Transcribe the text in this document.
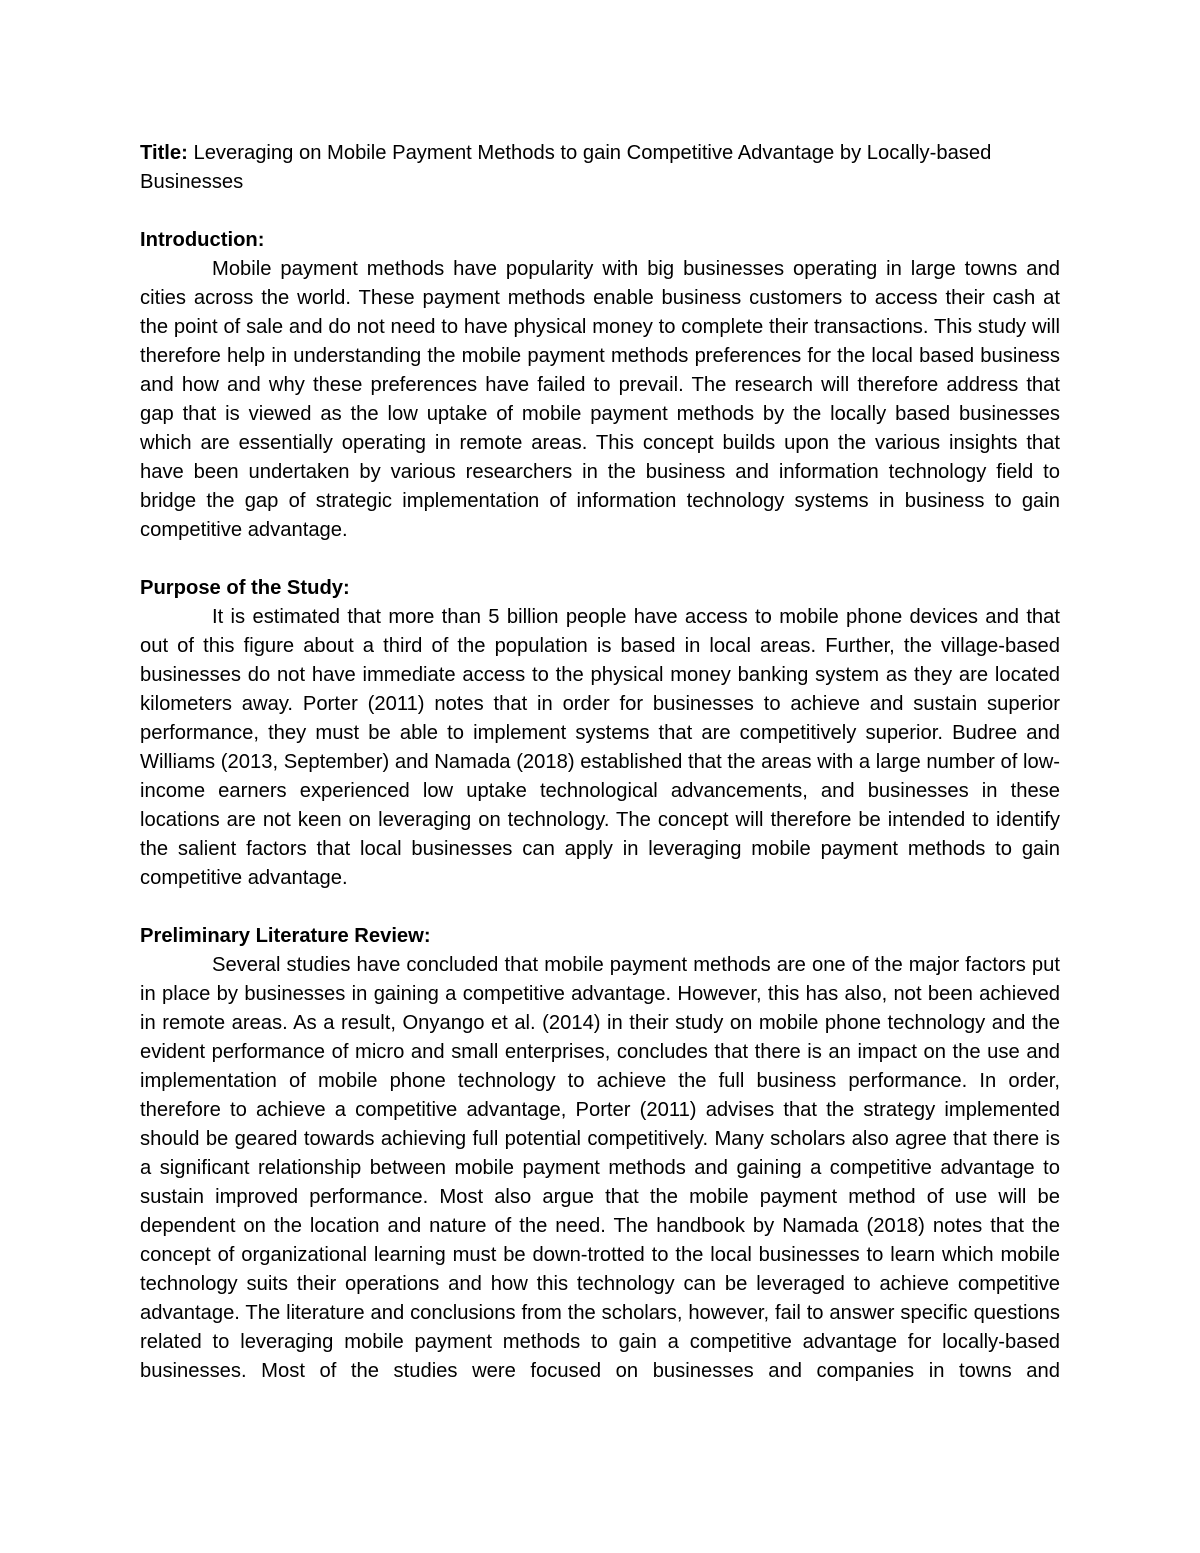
Title: Leveraging on Mobile Payment Methods to gain Competitive Advantage by Locally-based Businesses

Introduction:

Mobile payment methods have popularity with big businesses operating in large towns and cities across the world. These payment methods enable business customers to access their cash at the point of sale and do not need to have physical money to complete their transactions. This study will therefore help in understanding the mobile payment methods preferences for the local based business and how and why these preferences have failed to prevail. The research will therefore address that gap that is viewed as the low uptake of mobile payment methods by the locally based businesses which are essentially operating in remote areas. This concept builds upon the various insights that have been undertaken by various researchers in the business and information technology field to bridge the gap of strategic implementation of information technology systems in business to gain competitive advantage.

Purpose of the Study:

It is estimated that more than 5 billion people have access to mobile phone devices and that out of this figure about a third of the population is based in local areas. Further, the village-based businesses do not have immediate access to the physical money banking system as they are located kilometers away. Porter (2011) notes that in order for businesses to achieve and sustain superior performance, they must be able to implement systems that are competitively superior. Budree and Williams (2013, September) and Namada (2018) established that the areas with a large number of low-income earners experienced low uptake technological advancements, and businesses in these locations are not keen on leveraging on technology. The concept will therefore be intended to identify the salient factors that local businesses can apply in leveraging mobile payment methods to gain competitive advantage.

Preliminary Literature Review:

Several studies have concluded that mobile payment methods are one of the major factors put in place by businesses in gaining a competitive advantage. However, this has also, not been achieved in remote areas. As a result, Onyango et al. (2014) in their study on mobile phone technology and the evident performance of micro and small enterprises, concludes that there is an impact on the use and implementation of mobile phone technology to achieve the full business performance. In order, therefore to achieve a competitive advantage, Porter (2011) advises that the strategy implemented should be geared towards achieving full potential competitively. Many scholars also agree that there is a significant relationship between mobile payment methods and gaining a competitive advantage to sustain improved performance. Most also argue that the mobile payment method of use will be dependent on the location and nature of the need. The handbook by Namada (2018) notes that the concept of organizational learning must be down-trotted to the local businesses to learn which mobile technology suits their operations and how this technology can be leveraged to achieve competitive advantage. The literature and conclusions from the scholars, however, fail to answer specific questions related to leveraging mobile payment methods to gain a competitive advantage for locally-based businesses. Most of the studies were focused on businesses and companies in towns and
